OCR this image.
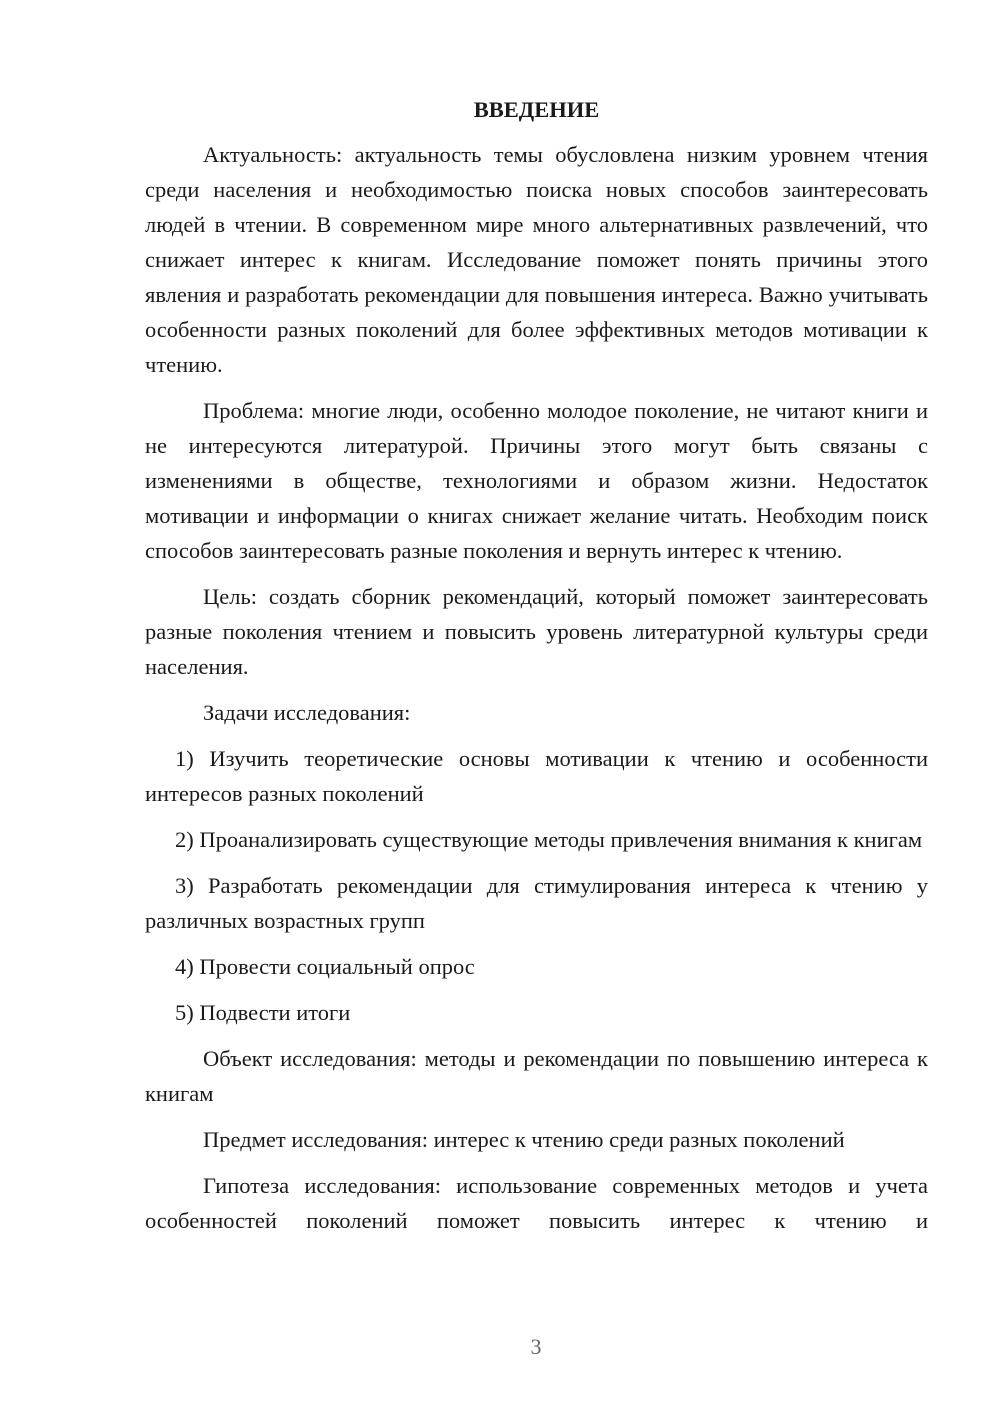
ВВЕДЕНИЕ

Актуальность: актуальность темы обусловлена низким уровнем чтения среди населения и необходимостью поиска новых способов заинтересовать людей в чтении. В современном мире много альтернативных развлечений, что снижает интерес к книгам. Исследование поможет понять причины этого явления и разработать рекомендации для повышения интереса. Важно учитывать особенности разных поколений для более эффективных методов мотивации к чтению.

Проблема: многие люди, особенно молодое поколение, не читают книги и не интересуются литературой. Причины этого могут быть связаны с изменениями в обществе, технологиями и образом жизни. Недостаток мотивации и информации о книгах снижает желание читать. Необходим поиск способов заинтересовать разные поколения и вернуть интерес к чтению.

Цель: создать сборник рекомендаций, который поможет заинтересовать разные поколения чтением и повысить уровень литературной культуры среди населения.

Задачи исследования:

1) Изучить теоретические основы мотивации к чтению и особенности интересов разных поколений

2) Проанализировать существующие методы привлечения внимания к книгам

3) Разработать рекомендации для стимулирования интереса к чтению у различных возрастных групп

4) Провести социальный опрос

5) Подвести итоги

Объект исследования: методы и рекомендации по повышению интереса к книгам

Предмет исследования: интерес к чтению среди разных поколений

Гипотеза исследования: использование современных методов и учета особенностей поколений поможет повысить интерес к чтению и

3
